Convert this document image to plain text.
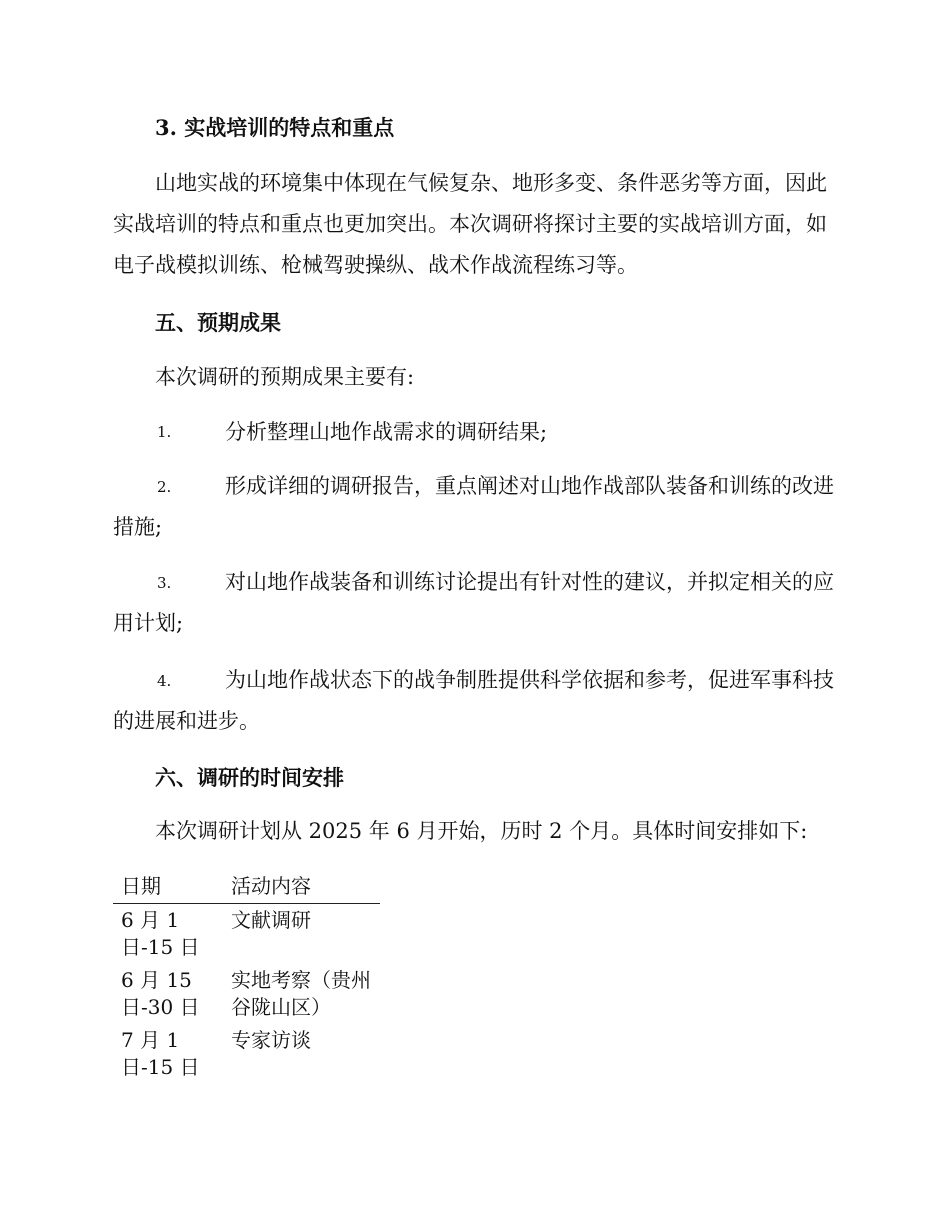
3. 实战培训的特点和重点
山地实战的环境集中体现在气候复杂、地形多变、条件恶劣等方面，因此实战培训的特点和重点也更加突出。本次调研将探讨主要的实战培训方面，如电子战模拟训练、枪械驾驶操纵、战术作战流程练习等。
五、预期成果
本次调研的预期成果主要有:
1.	分析整理山地作战需求的调研结果;
2.	形成详细的调研报告，重点阐述对山地作战部队装备和训练的改进措施;
3.	对山地作战装备和训练讨论提出有针对性的建议，并拟定相关的应用计划;
4.	为山地作战状态下的战争制胜提供科学依据和参考，促进军事科技的进展和进步。
六、调研的时间安排
本次调研计划从 2025 年 6 月开始，历时 2 个月。具体时间安排如下:
日期	活动内容
6 月 1 日-15 日	文献调研
6 月 15 日-30 日	实地考察（贵州谷陇山区）
7 月 1 日-15 日	专家访谈
